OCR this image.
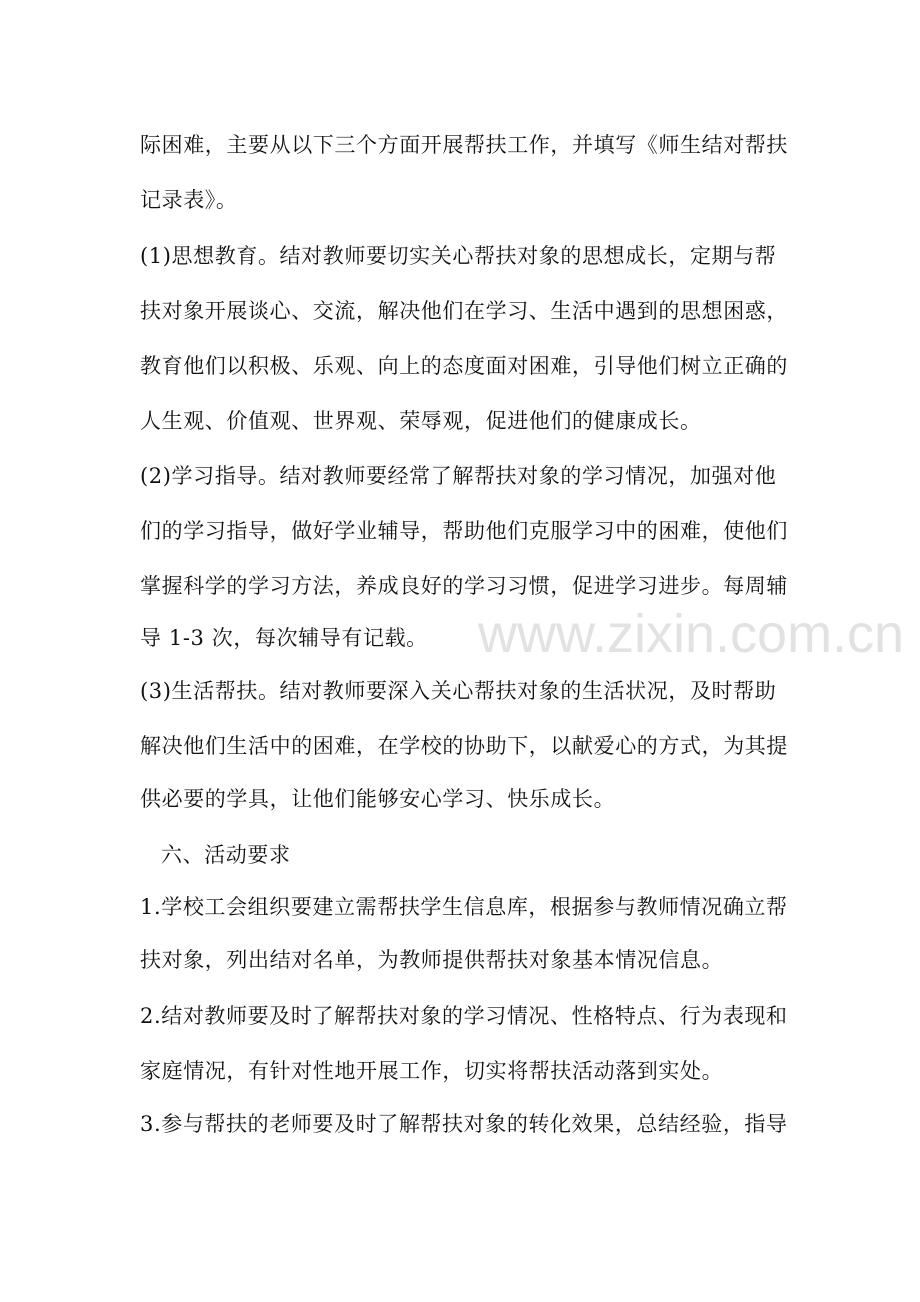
际困难，主要从以下三个方面开展帮扶工作，并填写《师生结对帮扶
记录表》。
(1)思想教育。结对教师要切实关心帮扶对象的思想成长，定期与帮
扶对象开展谈心、交流，解决他们在学习、生活中遇到的思想困惑，
教育他们以积极、乐观、向上的态度面对困难，引导他们树立正确的
人生观、价值观、世界观、荣辱观，促进他们的健康成长。
(2)学习指导。结对教师要经常了解帮扶对象的学习情况，加强对他
们的学习指导，做好学业辅导，帮助他们克服学习中的困难，使他们
掌握科学的学习方法，养成良好的学习习惯，促进学习进步。每周辅
导 1-3 次，每次辅导有记载。
(3)生活帮扶。结对教师要深入关心帮扶对象的生活状况，及时帮助
解决他们生活中的困难，在学校的协助下，以献爱心的方式，为其提
供必要的学具，让他们能够安心学习、快乐成长。
六、活动要求
1.学校工会组织要建立需帮扶学生信息库，根据参与教师情况确立帮
扶对象，列出结对名单，为教师提供帮扶对象基本情况信息。
2.结对教师要及时了解帮扶对象的学习情况、性格特点、行为表现和
家庭情况，有针对性地开展工作，切实将帮扶活动落到实处。
3.参与帮扶的老师要及时了解帮扶对象的转化效果，总结经验，指导
www.zixin.com.cn
